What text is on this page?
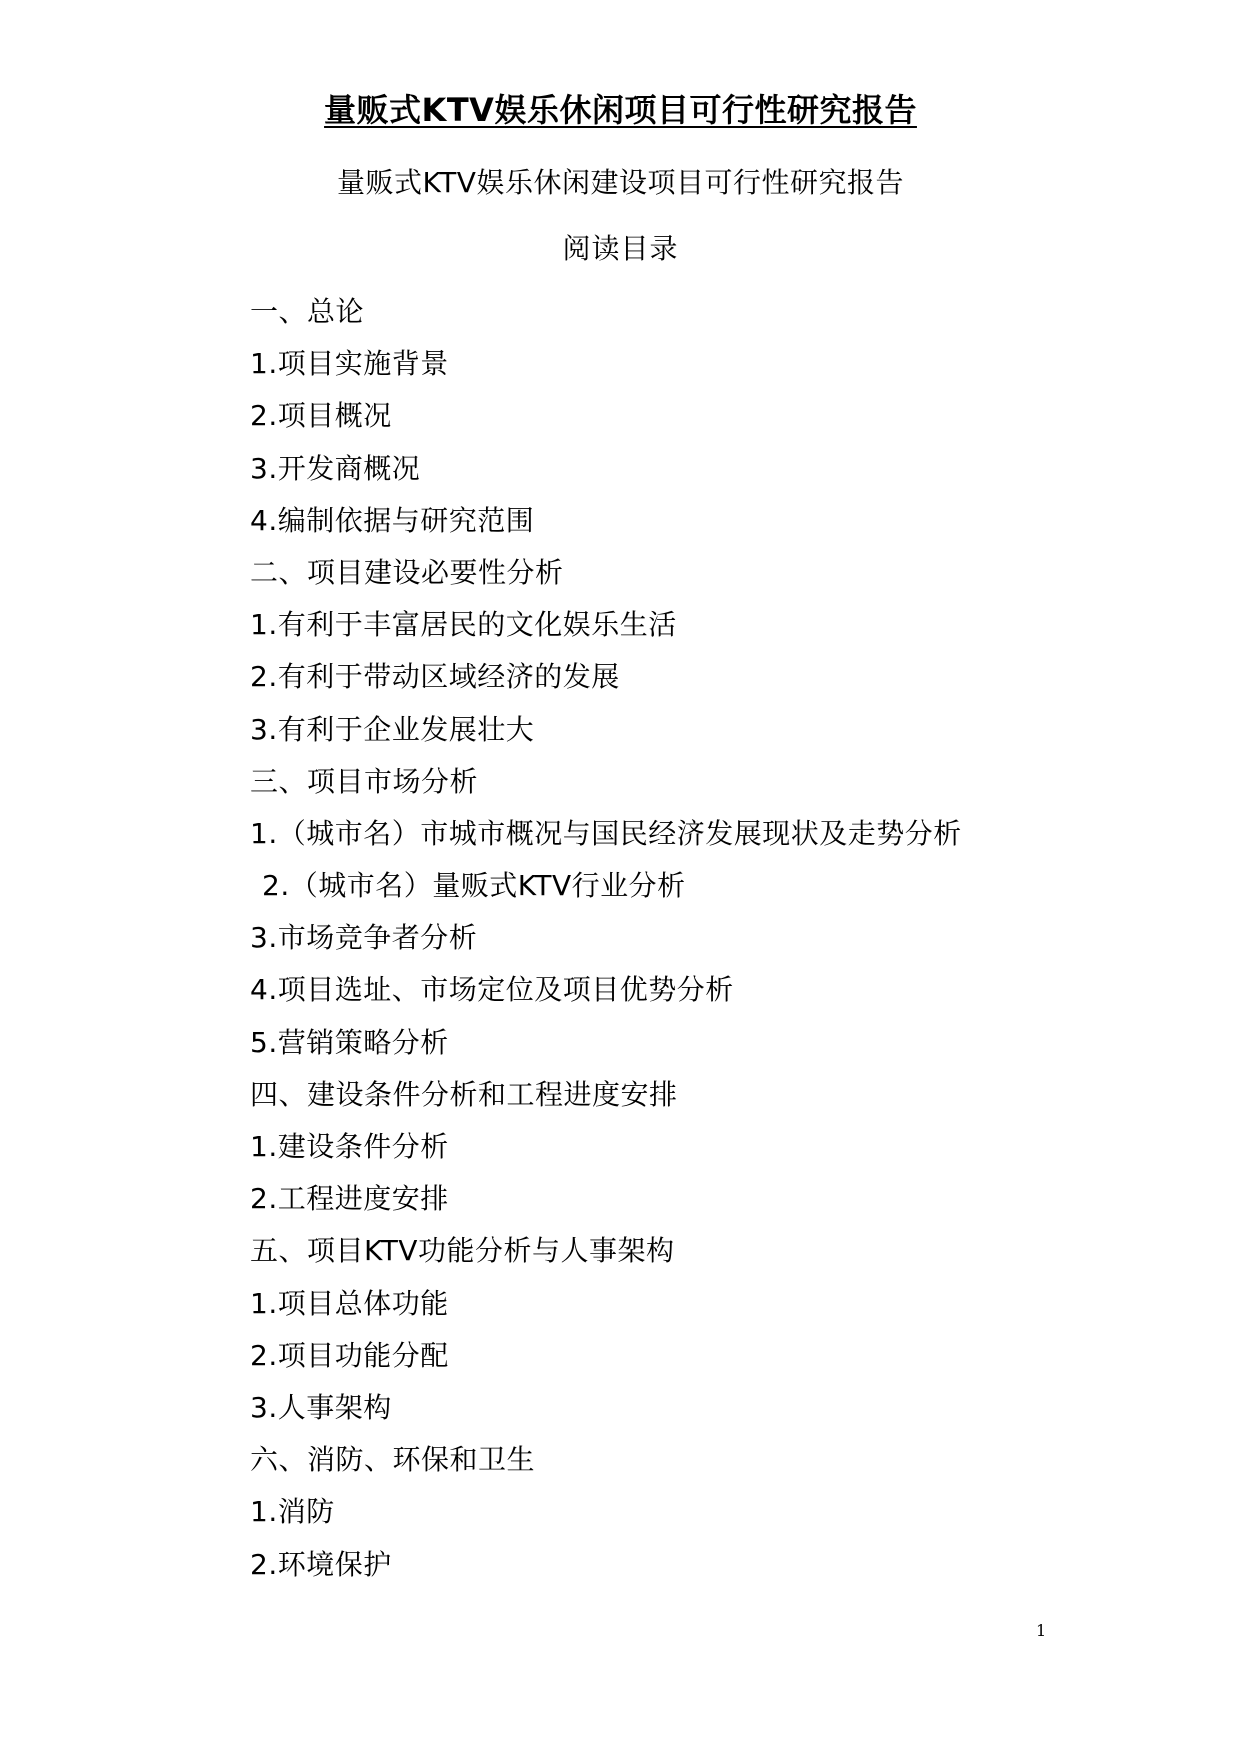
量贩式KTV娱乐休闲项目可行性研究报告
量贩式KTV娱乐休闲建设项目可行性研究报告
阅读目录
一、总论
1.项目实施背景
2.项目概况
3.开发商概况
4.编制依据与研究范围
二、项目建设必要性分析
1.有利于丰富居民的文化娱乐生活
2.有利于带动区域经济的发展
3.有利于企业发展壮大
三、项目市场分析
1.（城市名）市城市概况与国民经济发展现状及走势分析
2.（城市名）量贩式KTV行业分析
3.市场竞争者分析
4.项目选址、市场定位及项目优势分析
5.营销策略分析
四、建设条件分析和工程进度安排
1.建设条件分析
2.工程进度安排
五、项目KTV功能分析与人事架构
1.项目总体功能
2.项目功能分配
3.人事架构
六、消防、环保和卫生
1.消防
2.环境保护
1
